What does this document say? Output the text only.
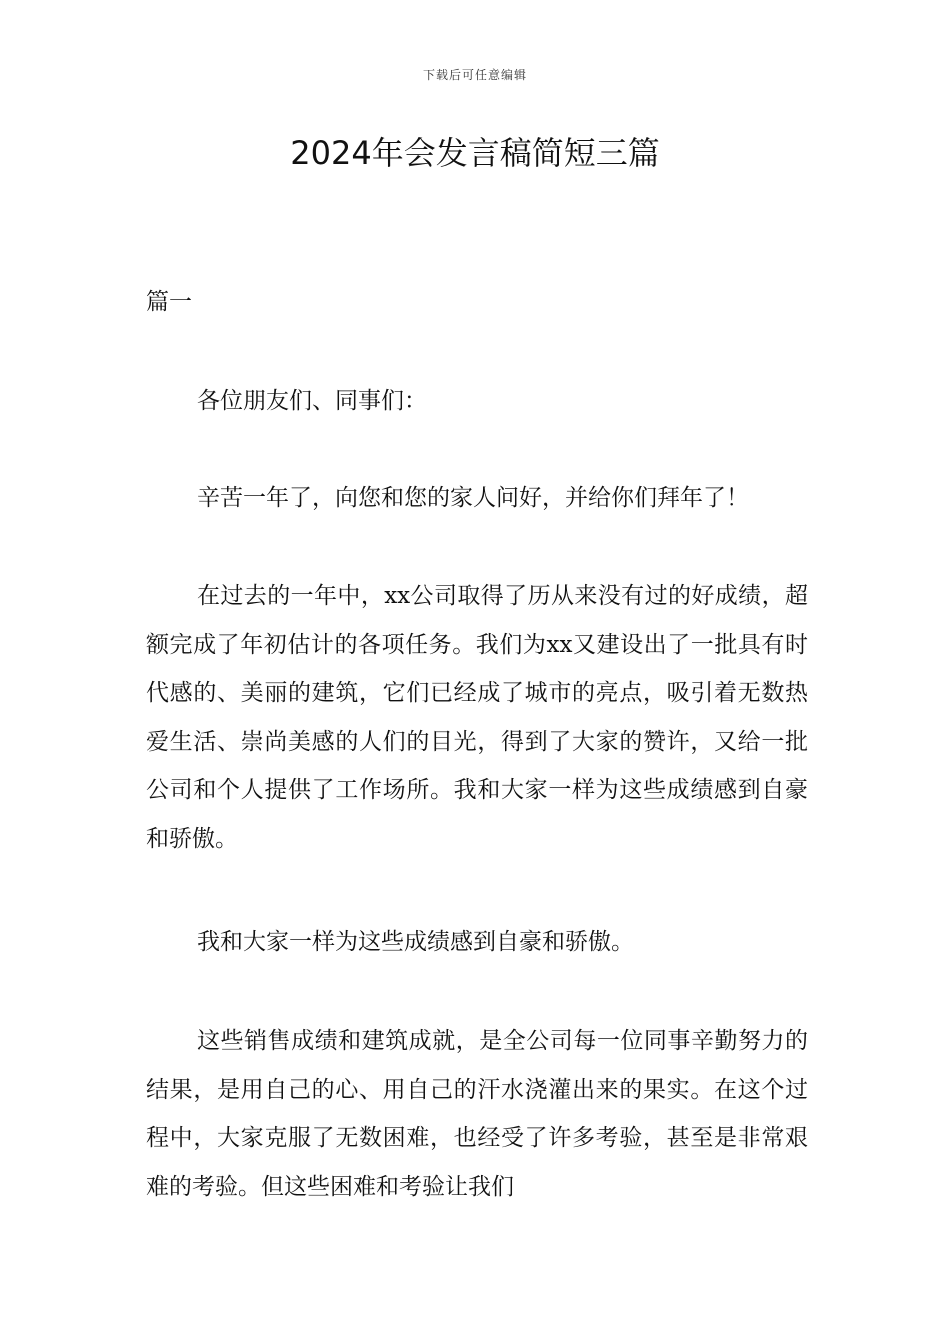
下载后可任意编辑
2024年会发言稿简短三篇

篇一

各位朋友们、同事们：

辛苦一年了，向您和您的家人问好，并给你们拜年了！

在过去的一年中，xx公司取得了历从来没有过的好成绩，超额完成了年初估计的各项任务。我们为xx又建设出了一批具有时代感的、美丽的建筑，它们已经成了城市的亮点，吸引着无数热爱生活、崇尚美感的人们的目光，得到了大家的赞许，又给一批公司和个人提供了工作场所。我和大家一样为这些成绩感到自豪和骄傲。

我和大家一样为这些成绩感到自豪和骄傲。

这些销售成绩和建筑成就，是全公司每一位同事辛勤努力的结果，是用自己的心、用自己的汗水浇灌出来的果实。在这个过程中，大家克服了无数困难，也经受了许多考验，甚至是非常艰难的考验。但这些困难和考验让我们
